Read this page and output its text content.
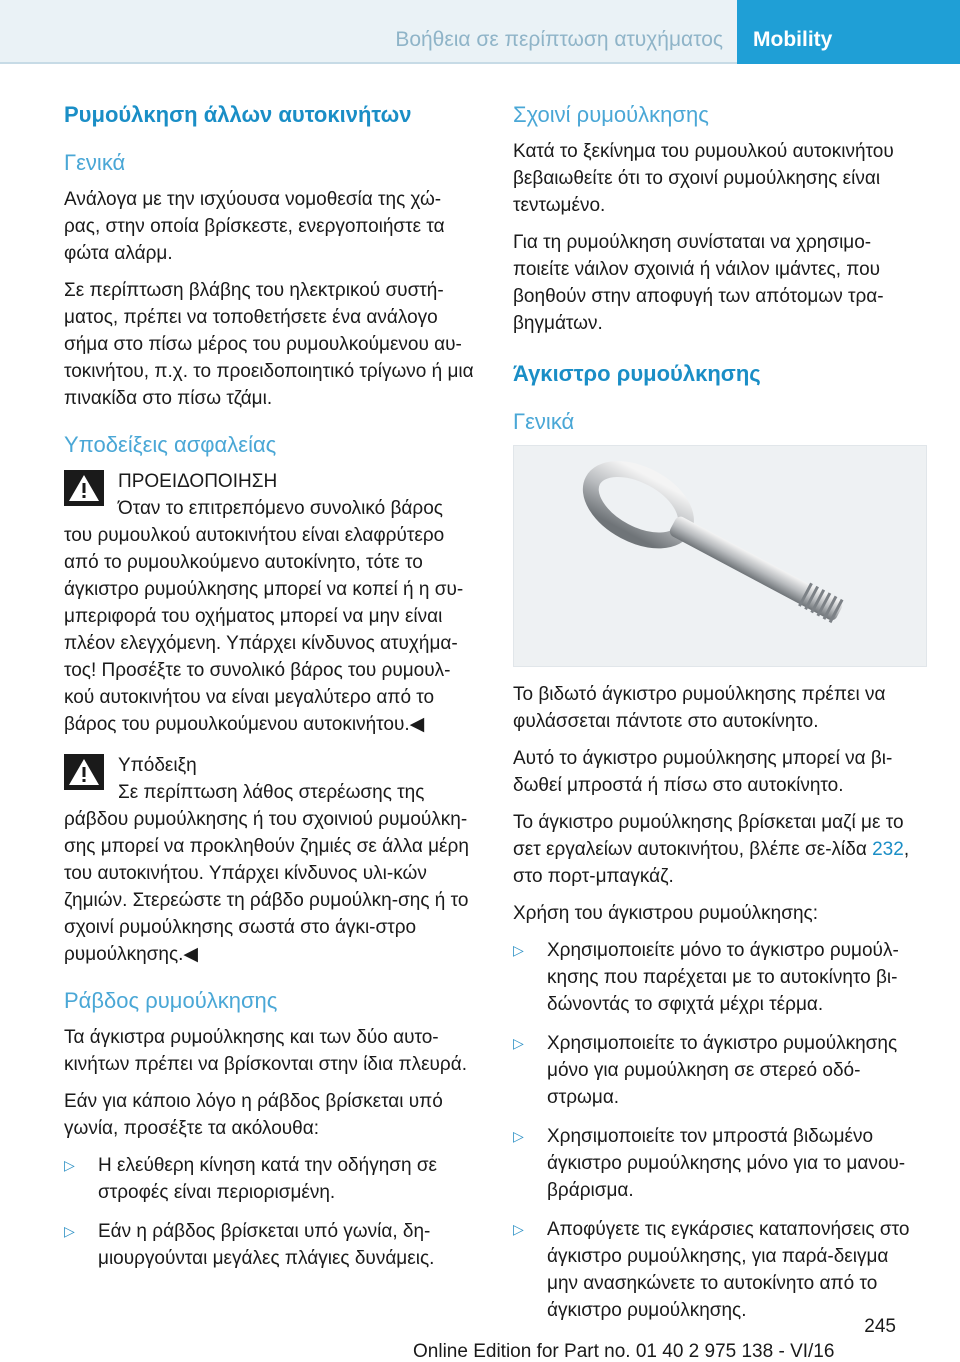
Βοήθεια σε περίπτωση ατυχήματος Mobility
Ρυμούλκηση άλλων αυτοκινήτων
Γενικά

Ανάλογα με την ισχύουσα νομοθεσία της χώ-ρας, στην οποία βρίσκεστε, ενεργοποιήστε τα φώτα αλάρμ.

Σε περίπτωση βλάβης του ηλεκτρικού συστή-ματος, πρέπει να τοποθετήσετε ένα ανάλογο σήμα στο πίσω μέρος του ρυμουλκούμενου αυ-τοκινήτου, π.χ. το προειδοποιητικό τρίγωνο ή μια πινακίδα στο πίσω τζάμι.

Υποδείξεις ασφαλείας
ΠΡΟΕΙΔΟΠΟΙΗΣΗ
Όταν το επιτρεπόμενο συνολικό βάρος του ρυμουλκού αυτοκινήτου είναι ελαφρύτερο από το ρυμουλκούμενο αυτοκίνητο, τότε το άγκιστρο ρυμούλκησης μπορεί να κοπεί ή η συ-μπεριφορά του οχήματος μπορεί να μην είναι πλέον ελεγχόμενη. Υπάρχει κίνδυνος ατυχήμα-τος! Προσέξτε το συνολικό βάρος του ρυμουλ-κού αυτοκινήτου να είναι μεγαλύτερο από το βάρος του ρυμουλκούμενου αυτοκινήτου.◀
Υπόδειξη
Σε περίπτωση λάθος στερέωσης της ράβδου ρυμούλκησης ή του σχοινιού ρυμούλκη-σης μπορεί να προκληθούν ζημιές σε άλλα μέρη του αυτοκινήτου. Υπάρχει κίνδυνος υλι-κών ζημιών. Στερεώστε τη ράβδο ρυμούλκη-σης ή το σχοινί ρυμούλκησης σωστά στο άγκι-στρο ρυμούλκησης.◀
Ράβδος ρυμούλκησης

Τα άγκιστρα ρυμούλκησης και των δύο αυτο-κινήτων πρέπει να βρίσκονται στην ίδια πλευρά.

Εάν για κάποιο λόγο η ράβδος βρίσκεται υπό γωνία, προσέξτε τα ακόλουθα:

▷ Η ελεύθερη κίνηση κατά την οδήγηση σε στροφές είναι περιορισμένη.
▷ Εάν η ράβδος βρίσκεται υπό γωνία, δη-μιουργούνται μεγάλες πλάγιες δυνάμεις.
Σχοινί ρυμούλκησης

Κατά το ξεκίνημα του ρυμουλκού αυτοκινήτου βεβαιωθείτε ότι το σχοινί ρυμούλκησης είναι τεντωμένο.

Για τη ρυμούλκηση συνίσταται να χρησιμο-ποιείτε νάιλον σχοινιά ή νάιλον ιμάντες, που βοηθούν στην αποφυγή των απότομων τρα-βηγμάτων.

Άγκιστρο ρυμούλκησης
Γενικά

Το βιδωτό άγκιστρο ρυμούλκησης πρέπει να φυλάσσεται πάντοτε στο αυτοκίνητο.

Αυτό το άγκιστρο ρυμούλκησης μπορεί να βι-δωθεί μπροστά ή πίσω στο αυτοκίνητο.

Το άγκιστρο ρυμούλκησης βρίσκεται μαζί με το σετ εργαλείων αυτοκινήτου, βλέπε σε-λίδα 232, στο πορτ-μπαγκάζ.

Χρήση του άγκιστρου ρυμούλκησης:

▷ Χρησιμοποιείτε μόνο το άγκιστρο ρυμούλ-κησης που παρέχεται με το αυτοκίνητο βι-δώνοντάς το σφιχτά μέχρι τέρμα.
▷ Χρησιμοποιείτε το άγκιστρο ρυμούλκησης μόνο για ρυμούλκηση σε στερεό οδό-στρωμα.
▷ Χρησιμοποιείτε τον μπροστά βιδωμένο άγκιστρο ρυμούλκησης μόνο για το μανου-βράρισμα.
▷ Αποφύγετε τις εγκάρσιες καταπονήσεις στο άγκιστρο ρυμούλκησης, για παρά-δειγμα μην ανασηκώνετε το αυτοκίνητο από το άγκιστρο ρυμούλκησης.
245
Online Edition for Part no. 01 40 2 975 138 - VI/16
